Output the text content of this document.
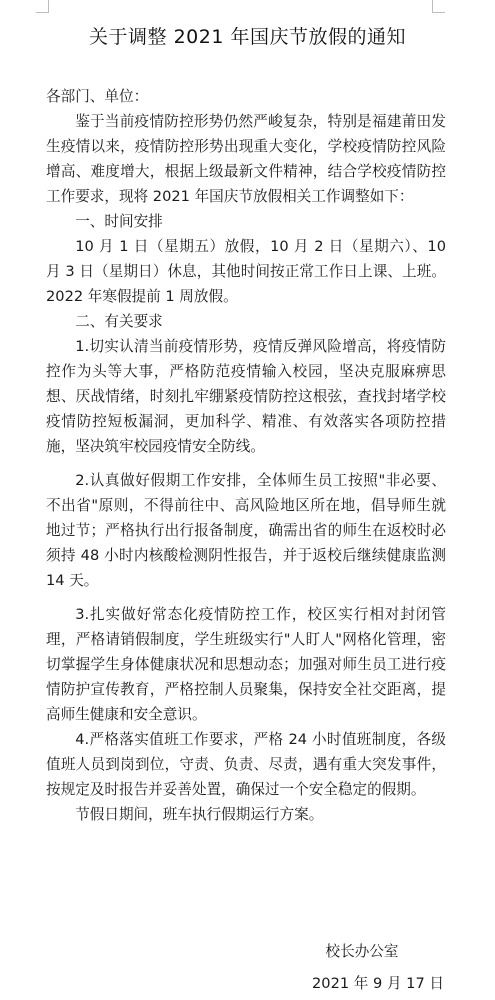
关于调整 2021 年国庆节放假的通知

各部门、单位：

鉴于当前疫情防控形势仍然严峻复杂，特别是福建莆田发生疫情以来，疫情防控形势出现重大变化，学校疫情防控风险增高、难度增大，根据上级最新文件精神，结合学校疫情防控工作要求，现将 2021 年国庆节放假相关工作调整如下：

一、时间安排

10 月 1 日（星期五）放假，10 月 2 日（星期六）、10 月 3 日（星期日）休息，其他时间按正常工作日上课、上班。2022 年寒假提前 1 周放假。

二、有关要求

1.切实认清当前疫情形势，疫情反弹风险增高，将疫情防控作为头等大事，严格防范疫情输入校园，坚决克服麻痹思想、厌战情绪，时刻扎牢绷紧疫情防控这根弦，查找封堵学校疫情防控短板漏洞，更加科学、精准、有效落实各项防控措施，坚决筑牢校园疫情安全防线。

2.认真做好假期工作安排，全体师生员工按照"非必要、不出省"原则，不得前往中、高风险地区所在地，倡导师生就地过节；严格执行出行报备制度，确需出省的师生在返校时必须持 48 小时内核酸检测阴性报告，并于返校后继续健康监测 14 天。

3.扎实做好常态化疫情防控工作，校区实行相对封闭管理，严格请销假制度，学生班级实行"人盯人"网格化管理，密切掌握学生身体健康状况和思想动态；加强对师生员工进行疫情防护宣传教育，严格控制人员聚集，保持安全社交距离，提高师生健康和安全意识。

4.严格落实值班工作要求，严格 24 小时值班制度，各级值班人员到岗到位，守责、负责、尽责，遇有重大突发事件，按规定及时报告并妥善处置，确保过一个安全稳定的假期。

节假日期间，班车执行假期运行方案。

校长办公室
2021 年 9 月 17 日
